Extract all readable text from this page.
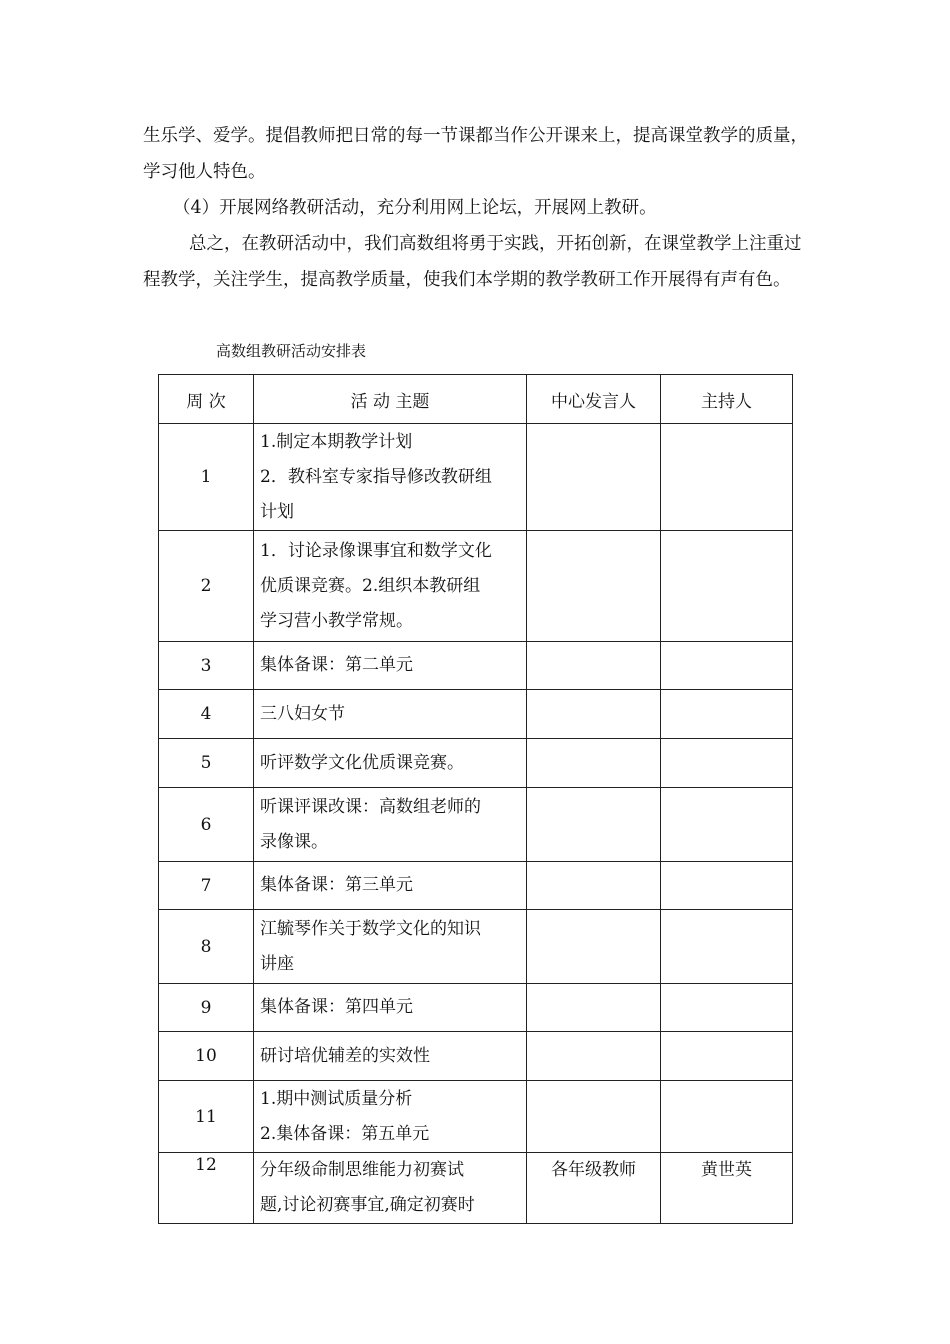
生乐学、爱学。提倡教师把日常的每一节课都当作公开课来上，提高课堂教学的质量，学习他人特色。

（4）开展网络教研活动，充分利用网上论坛，开展网上教研。

总之，在教研活动中，我们高数组将勇于实践，开拓创新，在课堂教学上注重过程教学，关注学生，提高教学质量，使我们本学期的教学教研工作开展得有声有色。

高数组教研活动安排表

周 次	活 动 主题	中心发言人	主持人
1	1.制定本期教学计划
2．教科室专家指导修改教研组
计划		

2	1．讨论录像课事宜和数学文化
优质课竞赛。2.组织本教研组
学习营小教学常规。		

3	集体备课：第二单元		

4	三八妇女节		

5	听评数学文化优质课竞赛。		

6	听课评课改课：高数组老师的
录像课。		

7	集体备课：第三单元		

8	江毓琴作关于数学文化的知识
讲座		

9	集体备课：第四单元		

10	研讨培优辅差的实效性		

11	1.期中测试质量分析
2.集体备课：第五单元		

12	分年级命制思维能力初赛试
题,讨论初赛事宜,确定初赛时	各年级教师	黄世英
